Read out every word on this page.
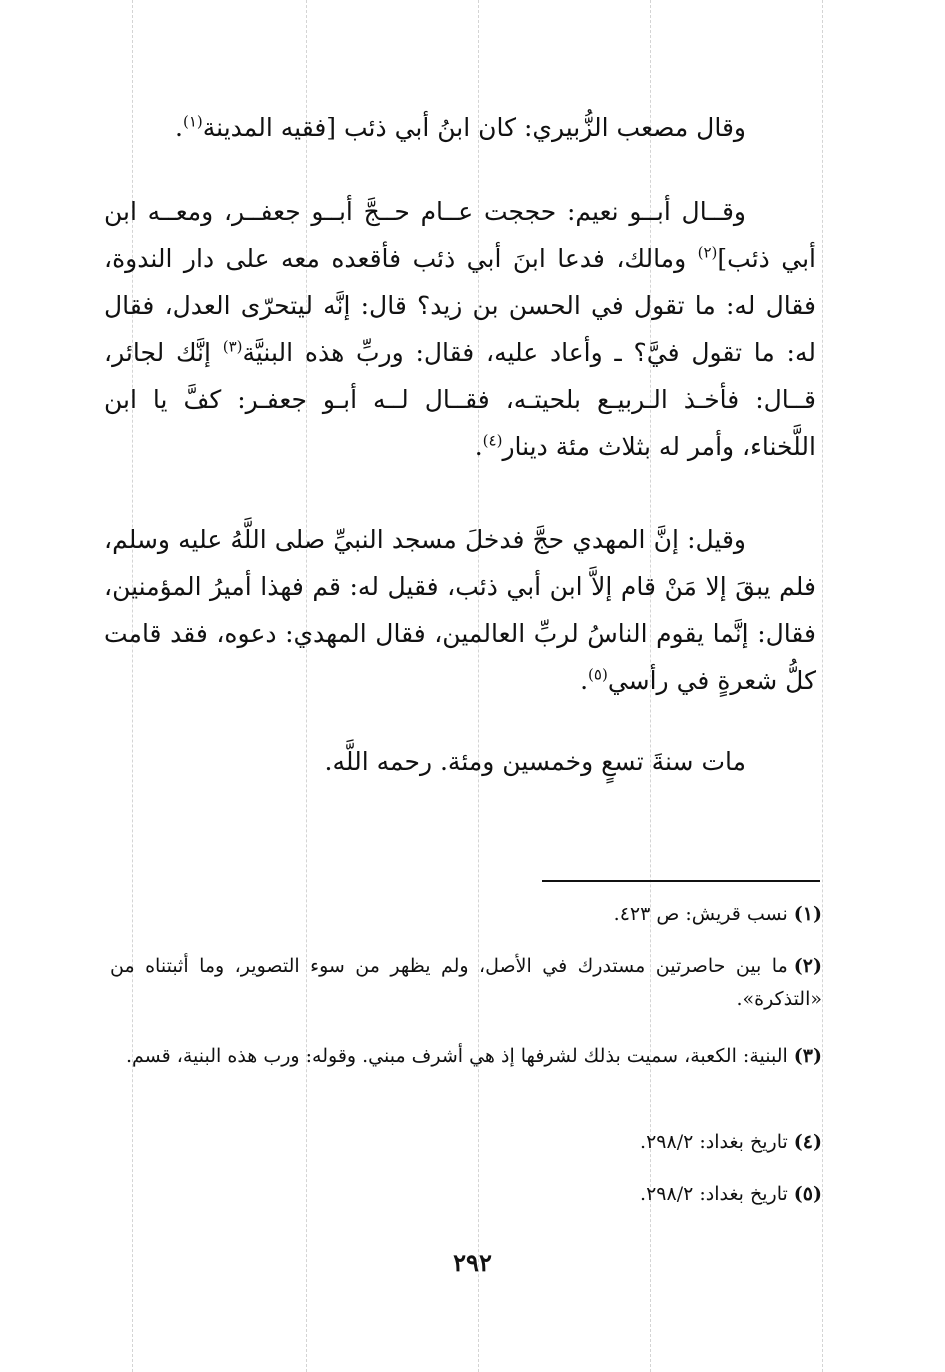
وقال مصعب الزُّبيري: كان ابنُ أبي ذئب [فقيه المدينة$^{(١)}$.

وقــال أبــو نعيم: حججت عــام حــجَّ أبــو جعفــر، ومعــه ابن أبي ذئب]$^{(٢)}$ ومالك، فدعا ابنَ أبي ذئب فأقعده معه على دار الندوة، فقال له: ما تقول في الحسن بن زيد؟ قال: إنَّه ليتحرّى العدل، فقال له: ما تقول فيَّ؟ ـ وأعاد عليه، فقال: وربِّ هذه البنيَّة$^{(٣)}$ إنَّك لجائر، قــال: فأخـذ الـربيـع بلحيتـه، فقــال لــه أبـو جعفـر: كفَّ يا ابن اللَّخناء، وأمر له بثلاث مئة دينار$^{(٤)}$.

وقيل: إنَّ المهدي حجَّ فدخلَ مسجد النبيِّ صلى اللَّهُ عليه وسلم، فلم يبقَ إلا مَنْ قام إلاَّ ابن أبي ذئب، فقيل له: قم فهذا أميرُ المؤمنين، فقال: إنَّما يقوم الناسُ لربِّ العالمين، فقال المهدي: دعوه، فقد قامت كلُّ شعرةٍ في رأسي$^{(٥)}$.

مات سنةَ تسعٍ وخمسين ومئة. رحمه اللَّه.

(١)نسب قريش: ص ٤٢٣.

(٢)ما بين حاصرتين مستدرك في الأصل، ولم يظهر من سوء التصوير، وما أثبتناه من «التذكرة».

(٣)البنية: الكعبة، سميت بذلك لشرفها إذ هي أشرف مبني. وقوله: ورب هذه البنية، قسم.

(٤)تاريخ بغداد: ٢٩٨/٢.

(٥)تاريخ بغداد: ٢٩٨/٢.

٢٩٢
